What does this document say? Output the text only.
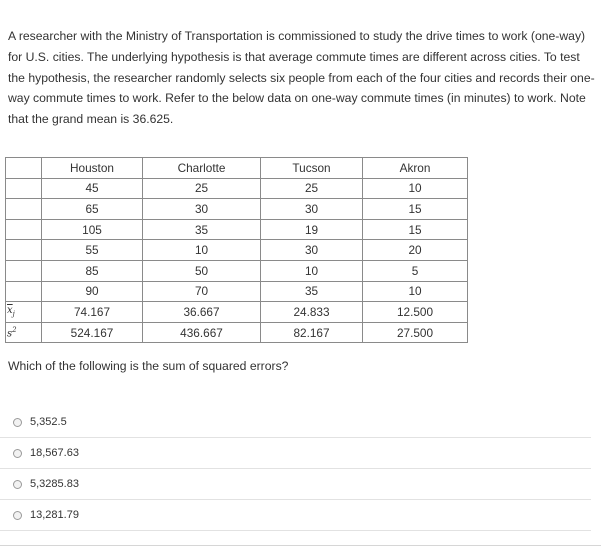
A researcher with the Ministry of Transportation is commissioned to study the drive times to work (one-way) for U.S. cities. The underlying hypothesis is that average commute times are different across cities. To test the hypothesis, the researcher randomly selects six people from each of the four cities and records their one-way commute times to work. Refer to the below data on one-way commute times (in minutes) to work. Note that the grand mean is 36.625.

	Houston	Charlotte	Tucson	Akron
	45	25	25	10
	65	30	30	15
	105	35	19	15
	55	10	30	20
	85	50	10	5
	90	70	35	10
$\overline{x}_j$	74.167	36.667	24.833	12.500
$s^2$	524.167	436.667	82.167	27.500

Which of the following is the sum of squared errors?

5,352.5
18,567.63
5,3285.83
13,281.79
